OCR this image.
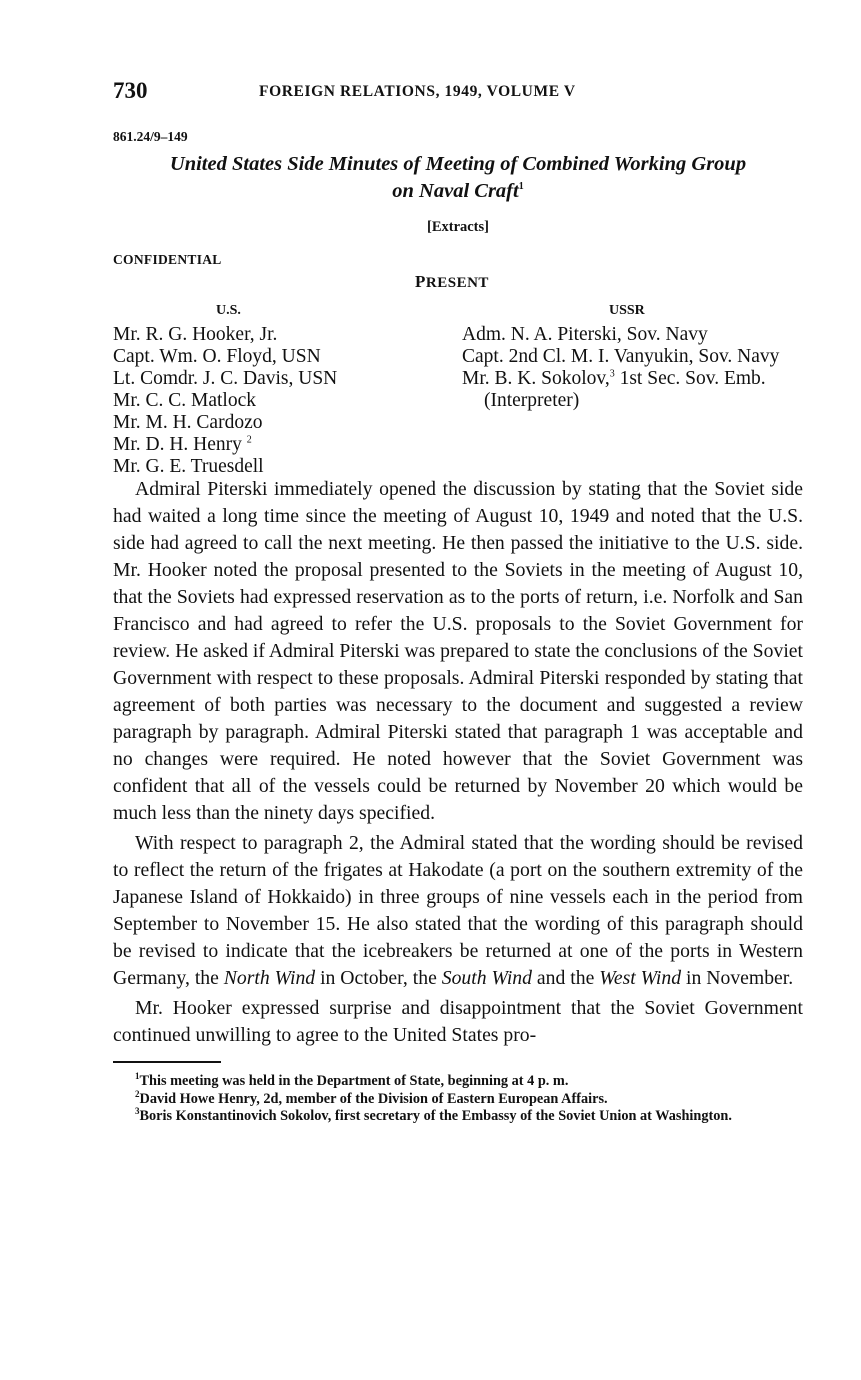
730	FOREIGN RELATIONS, 1949, VOLUME V
861.24/9–149
United States Side Minutes of Meeting of Combined Working Group
on Naval Craft$^1$
[Extracts]
CONFIDENTIAL
PRESENT
U.S.
Mr. R. G. Hooker, Jr.
Capt. Wm. O. Floyd, USN
Lt. Comdr. J. C. Davis, USN
Mr. C. C. Matlock
Mr. M. H. Cardozo
Mr. D. H. Henry $^2$
Mr. G. E. Truesdell
USSR
Adm. N. A. Piterski, Sov. Navy
Capt. 2nd Cl. M. I. Vanyukin, Sov. Navy
Mr. B. K. Sokolov,$^3$ 1st Sec. Sov. Emb. (Interpreter)

Admiral Piterski immediately opened the discussion by stating that the Soviet side had waited a long time since the meeting of August 10, 1949 and noted that the U.S. side had agreed to call the next meeting. He then passed the initiative to the U.S. side. Mr. Hooker noted the proposal presented to the Soviets in the meeting of August 10, that the Soviets had expressed reservation as to the ports of return, i.e. Norfolk and San Francisco and had agreed to refer the U.S. proposals to the Soviet Government for review. He asked if Admiral Piterski was prepared to state the conclusions of the Soviet Government with respect to these proposals. Admiral Piterski responded by stating that agreement of both parties was necessary to the document and suggested a review paragraph by paragraph. Admiral Piterski stated that paragraph 1 was acceptable and no changes were required. He noted however that the Soviet Government was confident that all of the vessels could be returned by November 20 which would be much less than the ninety days specified.

With respect to paragraph 2, the Admiral stated that the wording should be revised to reflect the return of the frigates at Hakodate (a port on the southern extremity of the Japanese Island of Hokkaido) in three groups of nine vessels each in the period from September to November 15. He also stated that the wording of this paragraph should be revised to indicate that the icebreakers be returned at one of the ports in Western Germany, the North Wind in October, the South Wind and the West Wind in November.

Mr. Hooker expressed surprise and disappointment that the Soviet Government continued unwilling to agree to the United States pro-

$^1$This meeting was held in the Department of State, beginning at 4 p. m.

$^2$David Howe Henry, 2d, member of the Division of Eastern European Affairs.

$^3$Boris Konstantinovich Sokolov, first secretary of the Embassy of the Soviet Union at Washington.
